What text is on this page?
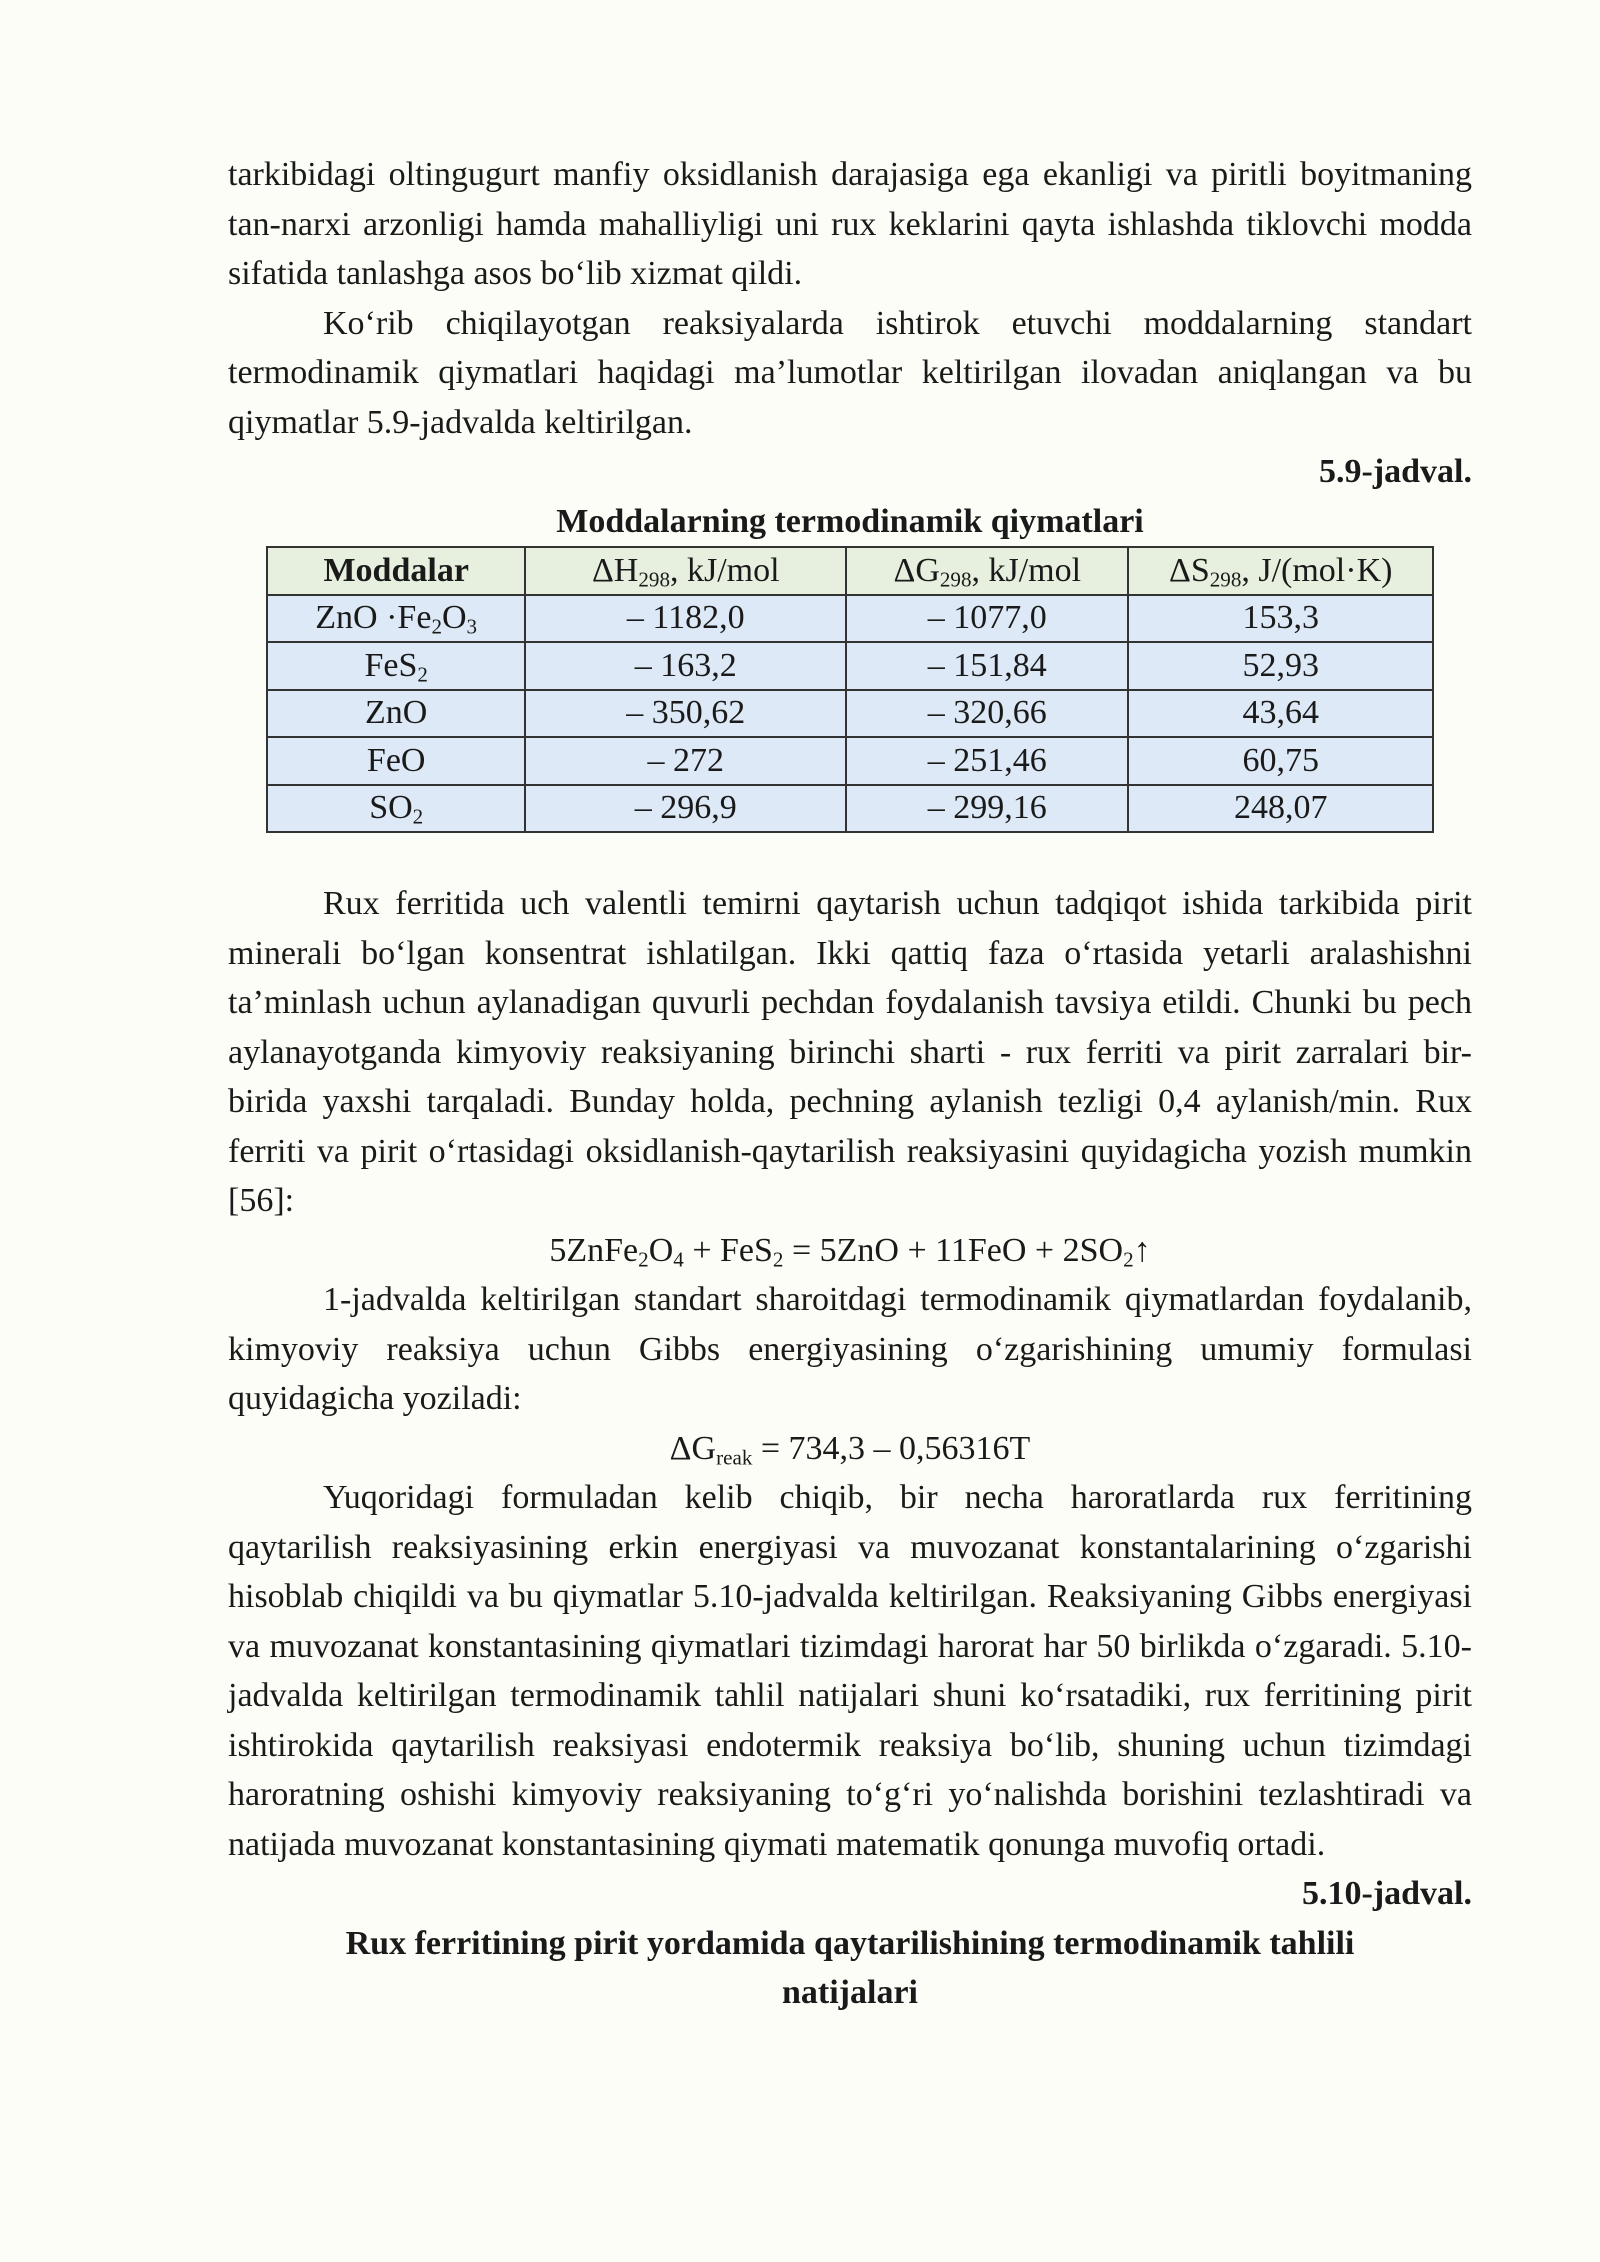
tarkibidagi oltingugurt manfiy oksidlanish darajasiga ega ekanligi va piritli boyitmaning tan-narxi arzonligi hamda mahalliyligi uni rux keklarini qayta ishlashda tiklovchi modda sifatida tanlashga asos bo‘lib xizmat qildi.

Ko‘rib chiqilayotgan reaksiyalarda ishtirok etuvchi moddalarning standart termodinamik qiymatlari haqidagi ma’lumotlar keltirilgan ilovadan aniqlangan va bu qiymatlar 5.9-jadvalda keltirilgan.

5.9-jadval.
Moddalarning termodinamik qiymatlari
Moddalar	$\Delta H_{298}$, kJ/mol	$\Delta G_{298}$, kJ/mol	$\Delta S_{298}$, J/(mol·K)
ZnO $\cdot Fe_2O_3$	– 1182,0	– 1077,0	153,3
FeS$_2$	– 163,2	– 151,84	52,93
ZnO	– 350,62	– 320,66	43,64
FeO	– 272	– 251,46	60,75
$SO_2$	– 296,9	– 299,16	248,07

Rux ferritida uch valentli temirni qaytarish uchun tadqiqot ishida tarkibida pirit minerali bo‘lgan konsentrat ishlatilgan. Ikki qattiq faza o‘rtasida yetarli aralashishni ta’minlash uchun aylanadigan quvurli pechdan foydalanish tavsiya etildi. Chunki bu pech aylanayotganda kimyoviy reaksiyaning birinchi sharti - rux ferriti va pirit zarralari bir-birida yaxshi tarqaladi. Bunday holda, pechning aylanish tezligi 0,4 aylanish/min. Rux ferriti va pirit o‘rtasidagi oksidlanish-qaytarilish reaksiyasini quyidagicha yozish mumkin [56]:

$5ZnFe_2O_4 + FeS_2 = 5ZnO + 11FeO$ + $2SO_2↑$

1-jadvalda keltirilgan standart sharoitdagi termodinamik qiymatlardan foydalanib, kimyoviy reaksiya uchun Gibbs energiyasining o‘zgarishining umumiy formulasi quyidagicha yoziladi:

$\Delta G_{reak} = 734,3 - 0,56316T$

Yuqoridagi formuladan kelib chiqib, bir necha haroratlarda rux ferritining qaytarilish reaksiyasining erkin energiyasi va muvozanat konstantalarining o‘zgarishi hisoblab chiqildi va bu qiymatlar 5.10-jadvalda keltirilgan. Reaksiyaning Gibbs energiyasi va muvozanat konstantasining qiymatlari tizimdagi harorat har 50 birlikda o‘zgaradi. 5.10-jadvalda keltirilgan termodinamik tahlil natijalari shuni ko‘rsatadiki, rux ferritining pirit ishtirokida qaytarilish reaksiyasi endotermik reaksiya bo‘lib, shuning uchun tizimdagi haroratning oshishi kimyoviy reaksiyaning to‘g‘ri yo‘nalishda borishini tezlashtiradi va natijada muvozanat konstantasining qiymati matematik qonunga muvofiq ortadi.

5.10-jadval.
Rux ferritining pirit yordamida qaytarilishining termodinamik tahlili
natijalari
